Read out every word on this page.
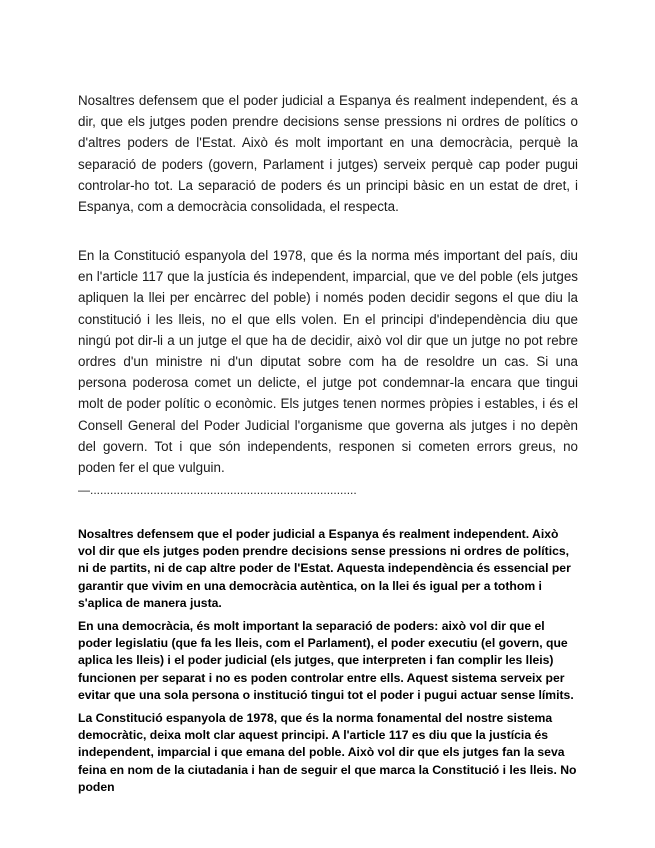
Nosaltres defensem que el poder judicial a Espanya és realment independent, és a dir, que els jutges poden prendre decisions sense pressions ni ordres de polítics o d'altres poders de l'Estat. Això és molt important en una democràcia, perquè la separació de poders (govern, Parlament i jutges) serveix perquè cap poder pugui controlar-ho tot. La separació de poders és un principi bàsic en un estat de dret, i Espanya, com a democràcia consolidada, el respecta.

En la Constitució espanyola del 1978, que és la norma més important del país, diu en l'article 117 que la justícia és independent, imparcial, que ve del poble (els jutges apliquen la llei per encàrrec del poble) i només poden decidir segons el que diu la constitució i les lleis, no el que ells volen. En el principi d'independència diu que ningú pot dir-li a un jutge el que ha de decidir, això vol dir que un jutge no pot rebre ordres d'un ministre ni d'un diputat sobre com ha de resoldre un cas. Si una persona poderosa comet un delicte, el jutge pot condemnar-la encara que tingui molt de poder polític o econòmic. Els jutges tenen normes pròpies i estables, i és el Consell General del Poder Judicial l'organisme que governa als jutges i no depèn del govern. Tot i que són independents, responen si cometen errors greus, no poden fer el que vulguin.

—................................................................................

Nosaltres defensem que el poder judicial a Espanya és realment independent. Això vol dir que els jutges poden prendre decisions sense pressions ni ordres de polítics, ni de partits, ni de cap altre poder de l'Estat. Aquesta independència és essencial per garantir que vivim en una democràcia autèntica, on la llei és igual per a tothom i s'aplica de manera justa.

En una democràcia, és molt important la separació de poders: això vol dir que el poder legislatiu (que fa les lleis, com el Parlament), el poder executiu (el govern, que aplica les lleis) i el poder judicial (els jutges, que interpreten i fan complir les lleis) funcionen per separat i no es poden controlar entre ells. Aquest sistema serveix per evitar que una sola persona o institució tingui tot el poder i pugui actuar sense límits.

La Constitució espanyola de 1978, que és la norma fonamental del nostre sistema democràtic, deixa molt clar aquest principi. A l'article 117 es diu que la justícia és independent, imparcial i que emana del poble. Això vol dir que els jutges fan la seva feina en nom de la ciutadania i han de seguir el que marca la Constitució i les lleis. No poden
